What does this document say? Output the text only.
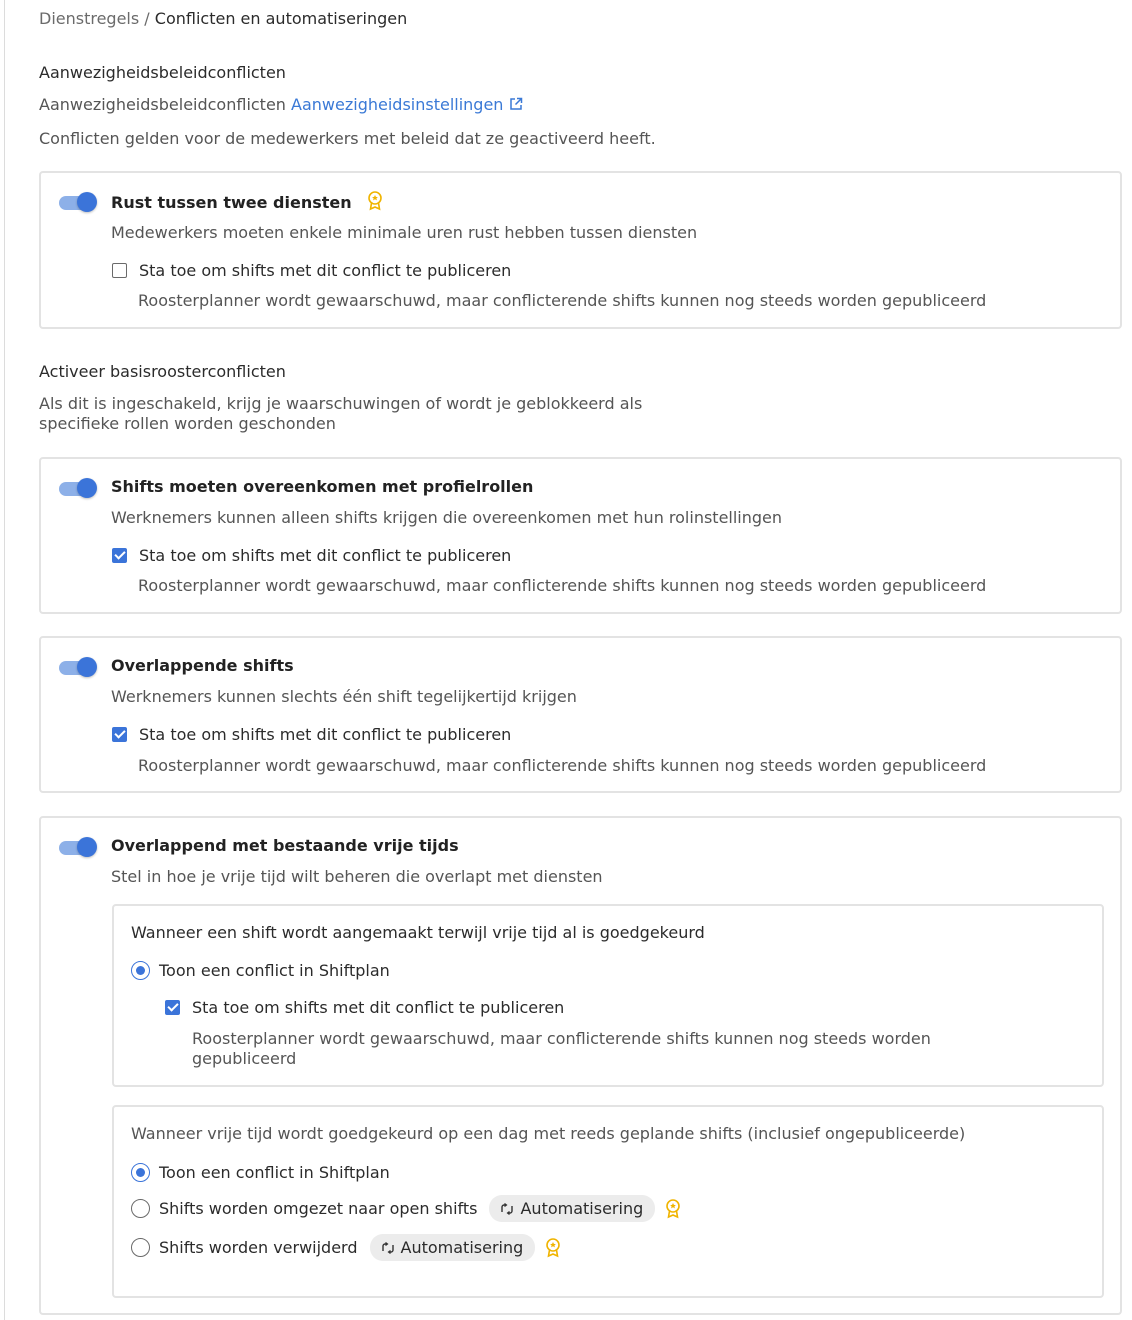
Dienstregels / Conflicten en automatiseringen
Aanwezigheidsbeleidconflicten
Aanwezigheidsbeleidconflicten Aanwezigheidsinstellingen
Conflicten gelden voor de medewerkers met beleid dat ze geactiveerd heeft.
Rust tussen twee diensten
Medewerkers moeten enkele minimale uren rust hebben tussen diensten
Sta toe om shifts met dit conflict te publiceren
Roosterplanner wordt gewaarschuwd, maar conflicterende shifts kunnen nog steeds worden gepubliceerd
Activeer basisroosterconflicten
Als dit is ingeschakeld, krijg je waarschuwingen of wordt je geblokkeerd als
specifieke rollen worden geschonden
Shifts moeten overeenkomen met profielrollen
Werknemers kunnen alleen shifts krijgen die overeenkomen met hun rolinstellingen
Sta toe om shifts met dit conflict te publiceren
Roosterplanner wordt gewaarschuwd, maar conflicterende shifts kunnen nog steeds worden gepubliceerd
Overlappende shifts
Werknemers kunnen slechts één shift tegelijkertijd krijgen
Sta toe om shifts met dit conflict te publiceren
Roosterplanner wordt gewaarschuwd, maar conflicterende shifts kunnen nog steeds worden gepubliceerd
Overlappend met bestaande vrije tijds
Stel in hoe je vrije tijd wilt beheren die overlapt met diensten
Wanneer een shift wordt aangemaakt terwijl vrije tijd al is goedgekeurd
Toon een conflict in Shiftplan
Sta toe om shifts met dit conflict te publiceren
Roosterplanner wordt gewaarschuwd, maar conflicterende shifts kunnen nog steeds worden
gepubliceerd
Wanneer vrije tijd wordt goedgekeurd op een dag met reeds geplande shifts (inclusief ongepubliceerde)
Toon een conflict in Shiftplan
Shifts worden omgezet naar open shifts	Automatisering
Shifts worden verwijderd	Automatisering
